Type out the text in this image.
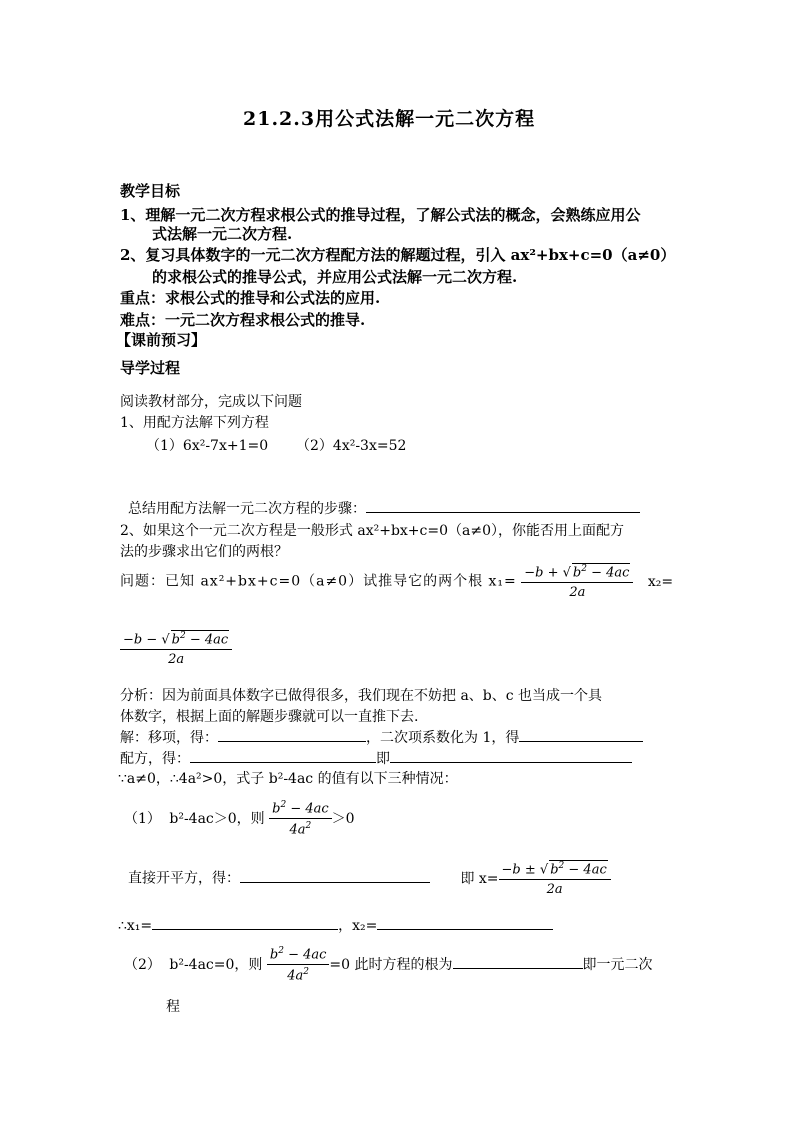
21.2.3用公式法解一元二次方程
教学目标
1、理解一元二次方程求根公式的推导过程，了解公式法的概念，会熟练应用公
式法解一元二次方程.
2、复习具体数字的一元二次方程配方法的解题过程，引入 ax²+bx+c=0（a≠0）
的求根公式的推导公式，并应用公式法解一元二次方程.
重点：求根公式的推导和公式法的应用.
难点：一元二次方程求根公式的推导.
【课前预习】
导学过程
阅读教材部分，完成以下问题
1、用配方法解下列方程
（1）6x²-7x+1=0 （2）4x²-3x=52
总结用配方法解一元二次方程的步骤：
2、如果这个一元二次方程是一般形式 ax²+bx+c=0（a≠0），你能否用上面配方
法的步骤求出它们的两根？
问题：已知 ax²+bx+c=0（a≠0）试推导它的两个根 $x_1= \frac{-b + √ b^2 - 4ac}{2a} x_2=$
$\frac{-b - √ b^2 - 4ac}{2a}$
分析：因为前面具体数字已做得很多，我们现在不妨把 a、b、c 也当成一个具
体数字，根据上面的解题步骤就可以一直推下去.
解：移项，得：	，二次项系数化为 1，得
配方，得：	即
∵a≠0，∴4a²>0，式子 b²-4ac 的值有以下三种情况：
（1） b²-4ac＞0，则 $\frac{b^2 - 4ac}{4a^2} >0$
直接开平方，得：	即 $x= \frac{-b \pm √ b^2 - 4ac}{2a}$
∴x₁=	，x₂=
（2） b²-4ac=0，则 $\frac{b^2 - 4ac}{4a^2} =0$ 此时方程的根为	即一元二次
程
